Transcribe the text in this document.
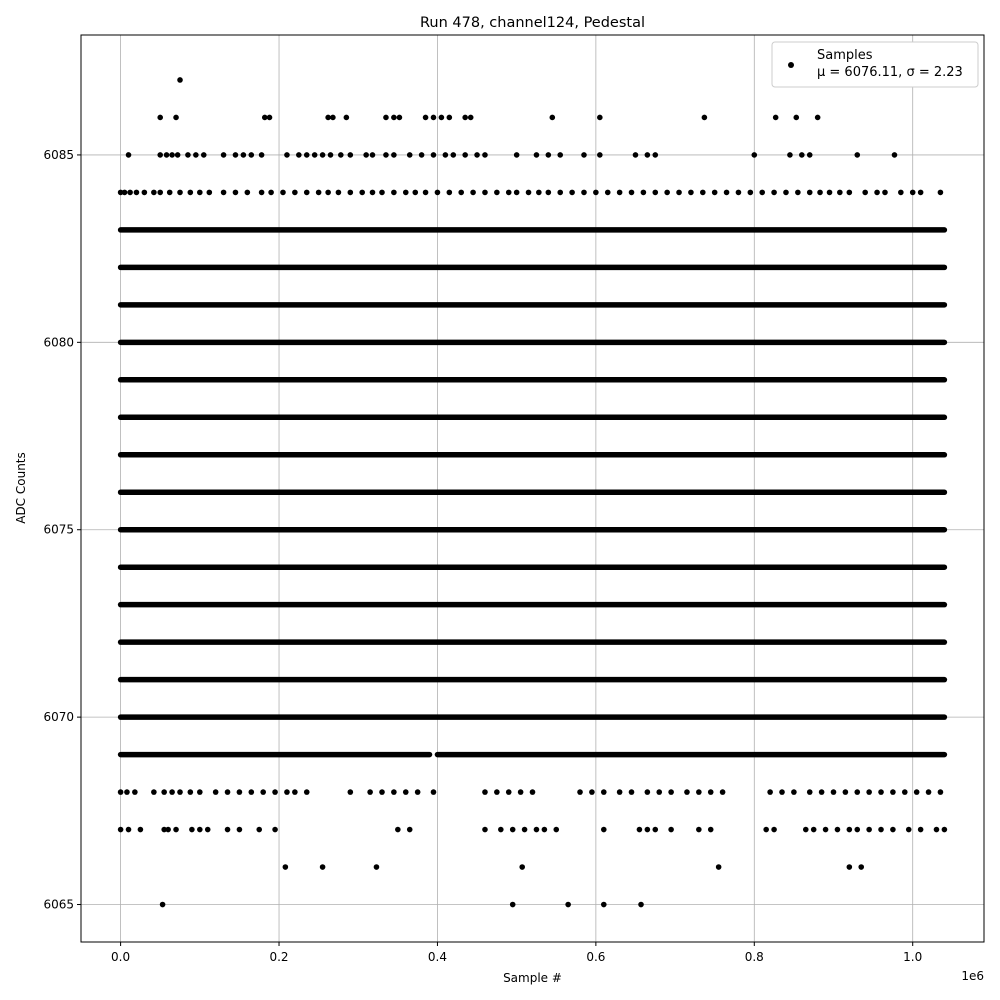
Run 478, channel124, Pedestal
0.0	0.2	0.4	0.6	0.8	1.0
6065
6070
6075
6080
6085
Sample #
ADC Counts
1e6
Samples
μ = 6076.11, σ = 2.23
